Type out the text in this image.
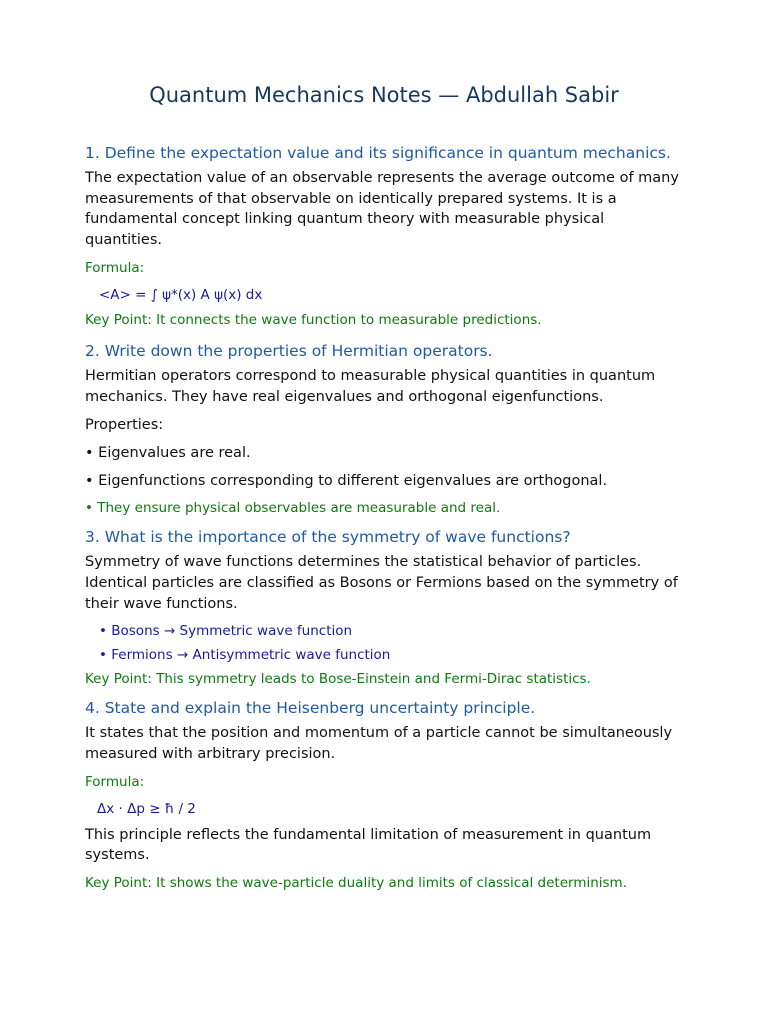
Quantum Mechanics Notes — Abdullah Sabir
1. Define the expectation value and its significance in quantum mechanics.

The expectation value of an observable represents the average outcome of many measurements of that observable on identically prepared systems. It is a fundamental concept linking quantum theory with measurable physical quantities.

Formula:

<A> = ∫ ψ*(x) A ψ(x) dx

Key Point: It connects the wave function to measurable predictions.

2. Write down the properties of Hermitian operators.

Hermitian operators correspond to measurable physical quantities in quantum mechanics. They have real eigenvalues and orthogonal eigenfunctions.

Properties:

• Eigenvalues are real.

• Eigenfunctions corresponding to different eigenvalues are orthogonal.

• They ensure physical observables are measurable and real.

3. What is the importance of the symmetry of wave functions?

Symmetry of wave functions determines the statistical behavior of particles. Identical particles are classified as Bosons or Fermions based on the symmetry of their wave functions.

• Bosons → Symmetric wave function

• Fermions → Antisymmetric wave function

Key Point: This symmetry leads to Bose-Einstein and Fermi-Dirac statistics.

4. State and explain the Heisenberg uncertainty principle.

It states that the position and momentum of a particle cannot be simultaneously measured with arbitrary precision.

Formula:

Δx · Δp ≥ ħ / 2

This principle reflects the fundamental limitation of measurement in quantum systems.

Key Point: It shows the wave-particle duality and limits of classical determinism.
